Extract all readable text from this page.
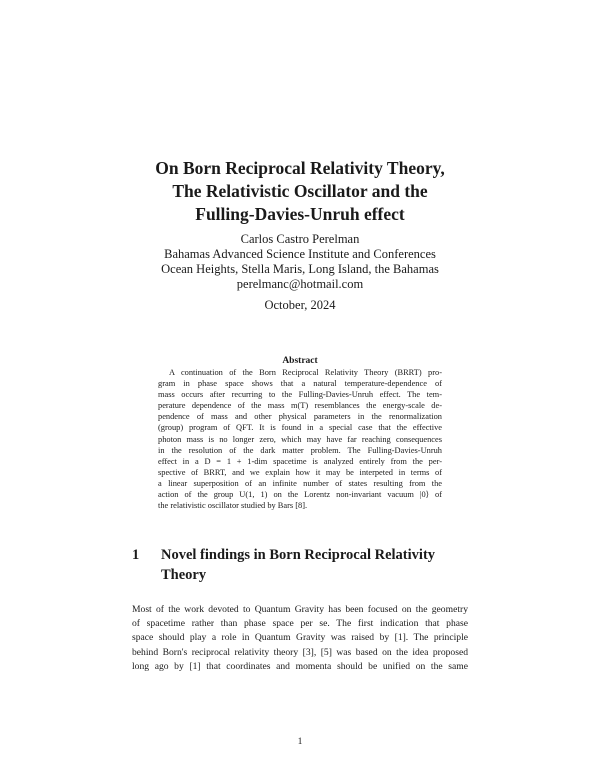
On Born Reciprocal Relativity Theory,
The Relativistic Oscillator and the
Fulling-Davies-Unruh effect
Carlos Castro Perelman
Bahamas Advanced Science Institute and Conferences
Ocean Heights, Stella Maris, Long Island, the Bahamas
perelmanc@hotmail.com
October, 2024
Abstract
A continuation of the Born Reciprocal Relativity Theory (BRRT) pro-
gram in phase space shows that a natural temperature-dependence of
mass occurs after recurring to the Fulling-Davies-Unruh effect. The tem-
perature dependence of the mass m(T) resemblances the energy-scale de-
pendence of mass and other physical parameters in the renormalization
(group) program of QFT. It is found in a special case that the effective
photon mass is no longer zero, which may have far reaching consequences
in the resolution of the dark matter problem. The Fulling-Davies-Unruh
effect in a D = 1 + 1-dim spacetime is analyzed entirely from the per-
spective of BRRT, and we explain how it may be interpeted in terms of
a linear superposition of an infinite number of states resulting from the
action of the group U(1, 1) on the Lorentz non-invariant vacuum |0⟩ of
the relativistic oscillator studied by Bars [8].
1 Novel findings in Born Reciprocal Relativity
Theory
Most of the work devoted to Quantum Gravity has been focused on the geometry
of spacetime rather than phase space per se. The first indication that phase
space should play a role in Quantum Gravity was raised by [1]. The principle
behind Born's reciprocal relativity theory [3], [5] was based on the idea proposed
long ago by [1] that coordinates and momenta should be unified on the same
1
